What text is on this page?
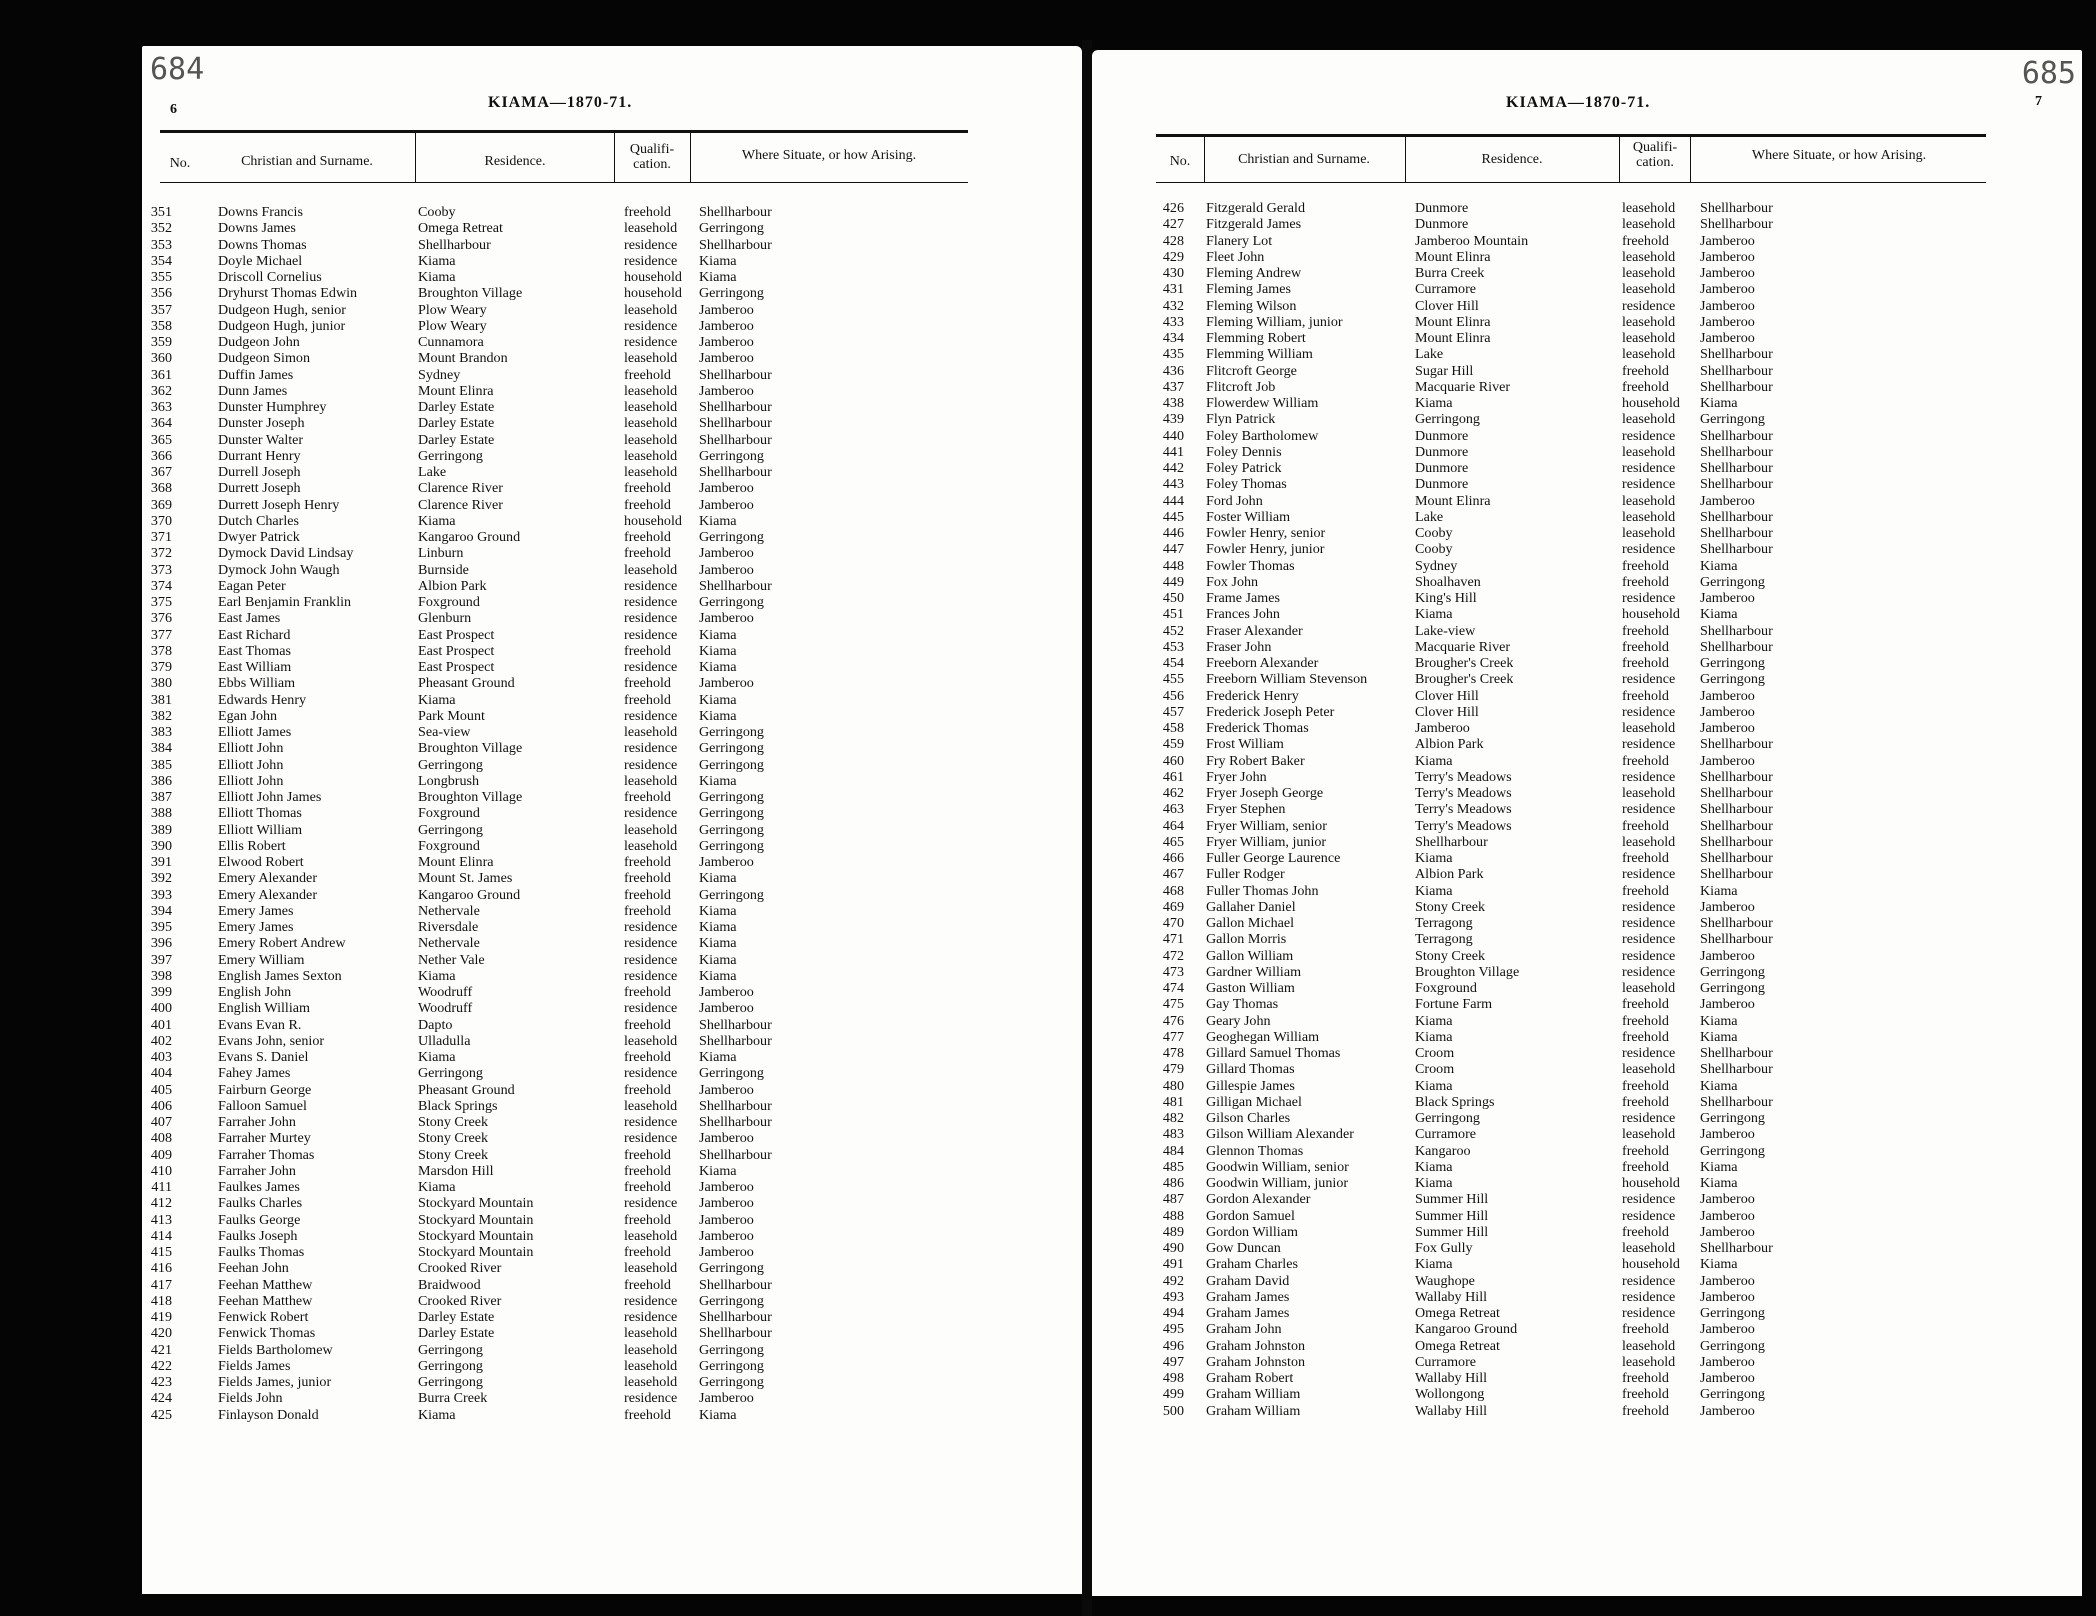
684
6	KIAMA—1870-71.
No.	Christian and Surname.	Residence.
Qualifi-
cation.
Where Situate, or how Arising.
351	Downs Francis	Cooby	freehold Shellharbour
352	Downs James	Omega Retreat	leasehold Gerringong
353	Downs Thomas	Shellharbour	residence Shellharbour
354	Doyle Michael	Kiama	residence Kiama
355	Driscoll Cornelius	Kiama	household Kiama
356	Dryhurst Thomas Edwin	Broughton Village	household Gerringong
357	Dudgeon Hugh, senior	Plow Weary	leasehold Jamberoo
358	Dudgeon Hugh, junior	Plow Weary	residence Jamberoo
359	Dudgeon John	Cunnamora	residence Jamberoo
360	Dudgeon Simon	Mount Brandon	leasehold Jamberoo
361	Duffin James	Sydney	freehold Shellharbour
362	Dunn James	Mount Elinra	leasehold Jamberoo
363	Dunster Humphrey	Darley Estate	leasehold Shellharbour
364	Dunster Joseph	Darley Estate	leasehold Shellharbour
365	Dunster Walter	Darley Estate	leasehold Shellharbour
366	Durrant Henry	Gerringong	leasehold Gerringong
367	Durrell Joseph	Lake	leasehold Shellharbour
368	Durrett Joseph	Clarence River	freehold Jamberoo
369	Durrett Joseph Henry	Clarence River	freehold Jamberoo
370	Dutch Charles	Kiama	household Kiama
371	Dwyer Patrick	Kangaroo Ground	freehold Gerringong
372	Dymock David Lindsay	Linburn	freehold Jamberoo
373	Dymock John Waugh	Burnside	leasehold Jamberoo
374	Eagan Peter	Albion Park	residence Shellharbour
375	Earl Benjamin Franklin	Foxground	residence Gerringong
376	East James	Glenburn	residence Jamberoo
377	East Richard	East Prospect	residence Kiama
378	East Thomas	East Prospect	freehold Kiama
379	East William	East Prospect	residence Kiama
380	Ebbs William	Pheasant Ground	freehold Jamberoo
381	Edwards Henry	Kiama	freehold Kiama
382	Egan John	Park Mount	residence Kiama
383	Elliott James	Sea-view	leasehold Gerringong
384	Elliott John	Broughton Village	residence Gerringong
385	Elliott John	Gerringong	residence Gerringong
386	Elliott John	Longbrush	leasehold Kiama
387	Elliott John James	Broughton Village	freehold Gerringong
388	Elliott Thomas	Foxground	residence Gerringong
389	Elliott William	Gerringong	leasehold Gerringong
390	Ellis Robert	Foxground	leasehold Gerringong
391	Elwood Robert	Mount Elinra	freehold Jamberoo
392	Emery Alexander	Mount St. James	freehold Kiama
393	Emery Alexander	Kangaroo Ground	freehold Gerringong
394	Emery James	Nethervale	freehold Kiama
395	Emery James	Riversdale	residence Kiama
396	Emery Robert Andrew	Nethervale	residence Kiama
397	Emery William	Nether Vale	residence Kiama
398	English James Sexton	Kiama	residence Kiama
399	English John	Woodruff	freehold Jamberoo
400	English William	Woodruff	residence Jamberoo
401	Evans Evan R.	Dapto	freehold Shellharbour
402	Evans John, senior	Ulladulla	leasehold Shellharbour
403	Evans S. Daniel	Kiama	freehold Kiama
404	Fahey James	Gerringong	residence Gerringong
405	Fairburn George	Pheasant Ground	freehold Jamberoo
406	Falloon Samuel	Black Springs	leasehold Shellharbour
407	Farraher John	Stony Creek	residence Shellharbour
408	Farraher Murtey	Stony Creek	residence Jamberoo
409	Farraher Thomas	Stony Creek	freehold Shellharbour
410	Farraher John	Marsdon Hill	freehold Kiama
411	Faulkes James	Kiama	freehold Jamberoo
412	Faulks Charles	Stockyard Mountain	residence Jamberoo
413	Faulks George	Stockyard Mountain	freehold Jamberoo
414	Faulks Joseph	Stockyard Mountain	leasehold Jamberoo
415	Faulks Thomas	Stockyard Mountain	freehold Jamberoo
416	Feehan John	Crooked River	leasehold Gerringong
417	Feehan Matthew	Braidwood	freehold Shellharbour
418	Feehan Matthew	Crooked River	residence Gerringong
419	Fenwick Robert	Darley Estate	residence Shellharbour
420	Fenwick Thomas	Darley Estate	leasehold Shellharbour
421	Fields Bartholomew	Gerringong	leasehold Gerringong
422	Fields James	Gerringong	leasehold Gerringong
423	Fields James, junior	Gerringong	leasehold Gerringong
424	Fields John	Burra Creek	residence Jamberoo
425	Finlayson Donald	Kiama	freehold Kiama
685
7
KIAMA—1870-71.
No.	Christian and Surname.	Residence.
Qualifi-
cation.	Where Situate, or how Arising.
426 Fitzgerald Gerald	Dunmore	leasehold Shellharbour
427 Fitzgerald James	Dunmore	leasehold Shellharbour
428 Flanery Lot	Jamberoo Mountain	freehold Jamberoo
429 Fleet John	Mount Elinra	leasehold Jamberoo
430 Fleming Andrew	Burra Creek	leasehold Jamberoo
431 Fleming James	Curramore	leasehold Jamberoo
432 Fleming Wilson	Clover Hill	residence Jamberoo
433 Fleming William, junior	Mount Elinra	leasehold Jamberoo
434 Flemming Robert	Mount Elinra	leasehold Jamberoo
435 Flemming William	Lake	leasehold Shellharbour
436 Flitcroft George	Sugar Hill	freehold Shellharbour
437 Flitcroft Job	Macquarie River	freehold Shellharbour
438 Flowerdew William	Kiama	household Kiama
439 Flyn Patrick	Gerringong	leasehold Gerringong
440 Foley Bartholomew	Dunmore	residence Shellharbour
441 Foley Dennis	Dunmore	leasehold Shellharbour
442 Foley Patrick	Dunmore	residence Shellharbour
443 Foley Thomas	Dunmore	residence Shellharbour
444 Ford John	Mount Elinra	leasehold Jamberoo
445 Foster William	Lake	leasehold Shellharbour
446 Fowler Henry, senior	Cooby	leasehold Shellharbour
447 Fowler Henry, junior	Cooby	residence Shellharbour
448 Fowler Thomas	Sydney	freehold Kiama
449 Fox John	Shoalhaven	freehold Gerringong
450 Frame James	King's Hill	residence Jamberoo
451 Frances John	Kiama	household Kiama
452 Fraser Alexander	Lake-view	freehold Shellharbour
453 Fraser John	Macquarie River	freehold Shellharbour
454 Freeborn Alexander	Brougher's Creek	freehold Gerringong
455 Freeborn William Stevenson	Brougher's Creek	residence Gerringong
456 Frederick Henry	Clover Hill	freehold Jamberoo
457 Frederick Joseph Peter	Clover Hill	residence Jamberoo
458 Frederick Thomas	Jamberoo	leasehold Jamberoo
459 Frost William	Albion Park	residence Shellharbour
460 Fry Robert Baker	Kiama	freehold Jamberoo
461 Fryer John	Terry's Meadows	residence Shellharbour
462 Fryer Joseph George	Terry's Meadows	leasehold Shellharbour
463 Fryer Stephen	Terry's Meadows	residence Shellharbour
464 Fryer William, senior	Terry's Meadows	freehold Shellharbour
465 Fryer William, junior	Shellharbour	leasehold Shellharbour
466 Fuller George Laurence	Kiama	freehold Shellharbour
467 Fuller Rodger	Albion Park	residence Shellharbour
468 Fuller Thomas John	Kiama	freehold Kiama
469 Gallaher Daniel	Stony Creek	residence Jamberoo
470 Gallon Michael	Terragong	residence Shellharbour
471 Gallon Morris	Terragong	residence Shellharbour
472 Gallon William	Stony Creek	residence Jamberoo
473 Gardner William	Broughton Village	residence Gerringong
474 Gaston William	Foxground	leasehold Gerringong
475 Gay Thomas	Fortune Farm	freehold Jamberoo
476 Geary John	Kiama	freehold Kiama
477 Geoghegan William	Kiama	freehold Kiama
478 Gillard Samuel Thomas	Croom	residence Shellharbour
479 Gillard Thomas	Croom	leasehold Shellharbour
480 Gillespie James	Kiama	freehold Kiama
481 Gilligan Michael	Black Springs	freehold Shellharbour
482 Gilson Charles	Gerringong	residence Gerringong
483 Gilson William Alexander	Curramore	leasehold Jamberoo
484 Glennon Thomas	Kangaroo	freehold Gerringong
485 Goodwin William, senior	Kiama	freehold Kiama
486 Goodwin William, junior	Kiama	household Kiama
487 Gordon Alexander	Summer Hill	residence Jamberoo
488 Gordon Samuel	Summer Hill	residence Jamberoo
489 Gordon William	Summer Hill	freehold Jamberoo
490 Gow Duncan	Fox Gully	leasehold Shellharbour
491 Graham Charles	Kiama	household Kiama
492 Graham David	Waughope	residence Jamberoo
493 Graham James	Wallaby Hill	residence Jamberoo
494 Graham James	Omega Retreat	residence Gerringong
495 Graham John	Kangaroo Ground	freehold Jamberoo
496 Graham Johnston	Omega Retreat	leasehold Gerringong
497 Graham Johnston	Curramore	leasehold Jamberoo
498 Graham Robert	Wallaby Hill	freehold Jamberoo
499 Graham William	Wollongong	freehold Gerringong
500 Graham William	Wallaby Hill	freehold Jamberoo
